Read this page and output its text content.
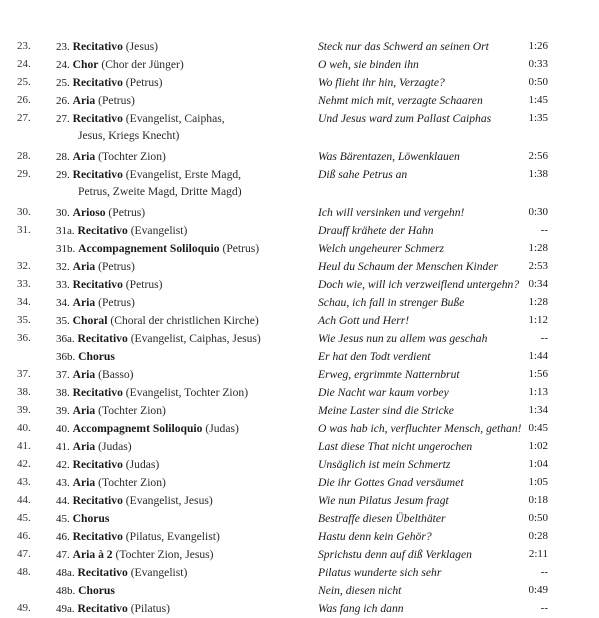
23.	23. Recitativo (Jesus)	Steck nur das Schwerd an seinen Ort	1:26
24.	24. Chor (Chor der Jünger)	O weh, sie binden ihn	0:33
25.	25. Recitativo (Petrus)	Wo flieht ihr hin, Verzagte?	0:50
26.	26. Aria (Petrus)	Nehmt mich mit, verzagte Schaaren	1:45
27.	27. Recitativo (Evangelist, Caiphas,	Und Jesus ward zum Pallast Caiphas	1:35
Jesus, Kriegs Knecht)
28.	28. Aria (Tochter Zion)	Was Bärentazen, Löwenklauen	2:56
29.	29. Recitativo (Evangelist, Erste Magd,	Diß sahe Petrus an	1:38
Petrus, Zweite Magd, Dritte Magd)
30.	30. Arioso (Petrus)	Ich will versinken und vergehn!	0:30
31.	31a. Recitativo (Evangelist)	Drauff krähete der Hahn	--
31b. Accompagnement Soliloquio (Petrus)	Welch ungeheurer Schmerz	1:28
32.	32. Aria (Petrus)	Heul du Schaum der Menschen Kinder	2:53
33.	33. Recitativo (Petrus)	Doch wie, will ich verzweiflend untergehn? 0:34
34.	34. Aria (Petrus)	Schau, ich fall in strenger Buße	1:28
35.	35. Choral (Choral der christlichen Kirche)	Ach Gott und Herr!	1:12
36.	36a. Recitativo (Evangelist, Caiphas, Jesus)	Wie Jesus nun zu allem was geschah	--
36b. Chorus	Er hat den Todt verdient	1:44
37.	37. Aria (Basso)	Erweg, ergrimmte Natternbrut	1:56
38.	38. Recitativo (Evangelist, Tochter Zion)	Die Nacht war kaum vorbey	1:13
39.	39. Aria (Tochter Zion)	Meine Laster sind die Stricke	1:34
40.	40. Accompagnemt Soliloquio (Judas)	O was hab ich, verfluchter Mensch, gethan! 0:45
41.	41. Aria (Judas)	Last diese That nicht ungerochen	1:02
42.	42. Recitativo (Judas)	Unsäglich ist mein Schmertz	1:04
43.	43. Aria (Tochter Zion)	Die ihr Gottes Gnad versäumet	1:05
44.	44. Recitativo (Evangelist, Jesus)	Wie nun Pilatus Jesum fragt	0:18
45.	45. Chorus	Bestraffe diesen Übelthäter	0:50
46.	46. Recitativo (Pilatus, Evangelist)	Hastu denn kein Gehör?	0:28
47.	47. Aria à 2 (Tochter Zion, Jesus)	Sprichstu denn auf diß Verklagen	2:11
48.	48a. Recitativo (Evangelist)	Pilatus wunderte sich sehr	--
48b. Chorus	Nein, diesen nicht	0:49
49.	49a. Recitativo (Pilatus)	Was fang ich dann	--
